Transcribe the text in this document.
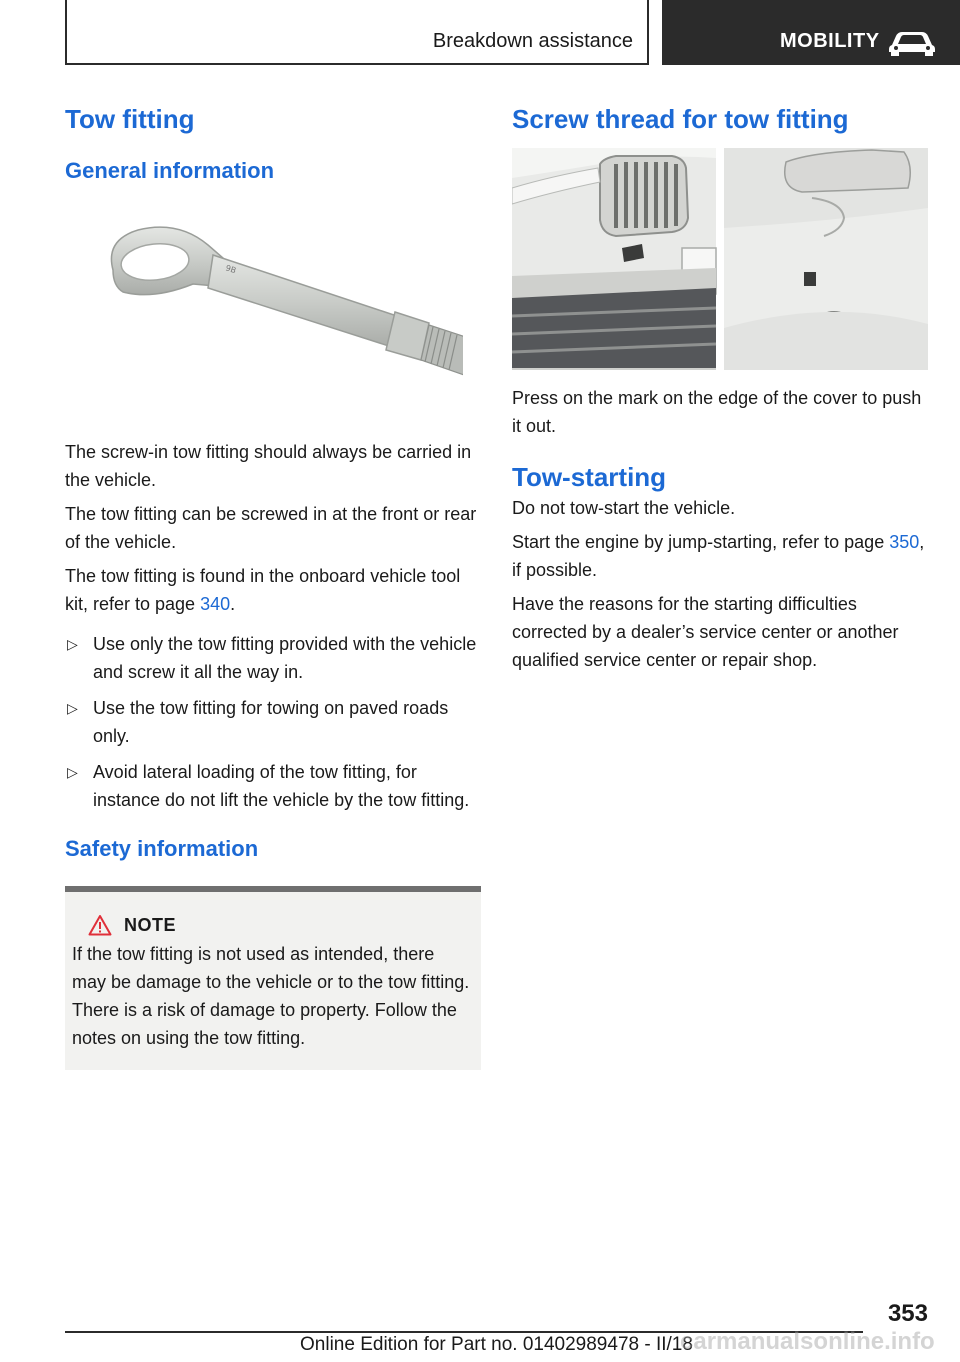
Breakdown assistance	MOBILITY
Tow fitting
General information
9B

The screw-in tow fitting should always be carried in the vehicle.

The tow fitting can be screwed in at the front or rear of the vehicle.

The tow fitting is found in the onboard vehicle tool kit, refer to page 340.

▷ Use only the tow fitting provided with the vehicle and screw it all the way in.
▷ Use the tow fitting for towing on paved roads only.
▷ Avoid lateral loading of the tow fitting, for instance do not lift the vehicle by the tow fitting.
Safety information
NOTE

If the tow fitting is not used as intended, there may be damage to the vehicle or to the tow fitting. There is a risk of damage to property. Follow the notes on using the tow fitting.

Screw thread for tow fitting

Press on the mark on the edge of the cover to push it out.

Tow-starting

Do not tow-start the vehicle.

Start the engine by jump-starting, refer to page 350, if possible.

Have the reasons for the starting difficulties corrected by a dealer’s service center or another qualified service center or repair shop.

353
Online Edition for Part no. 01402989478 - II/18
carmanualsonline.info
